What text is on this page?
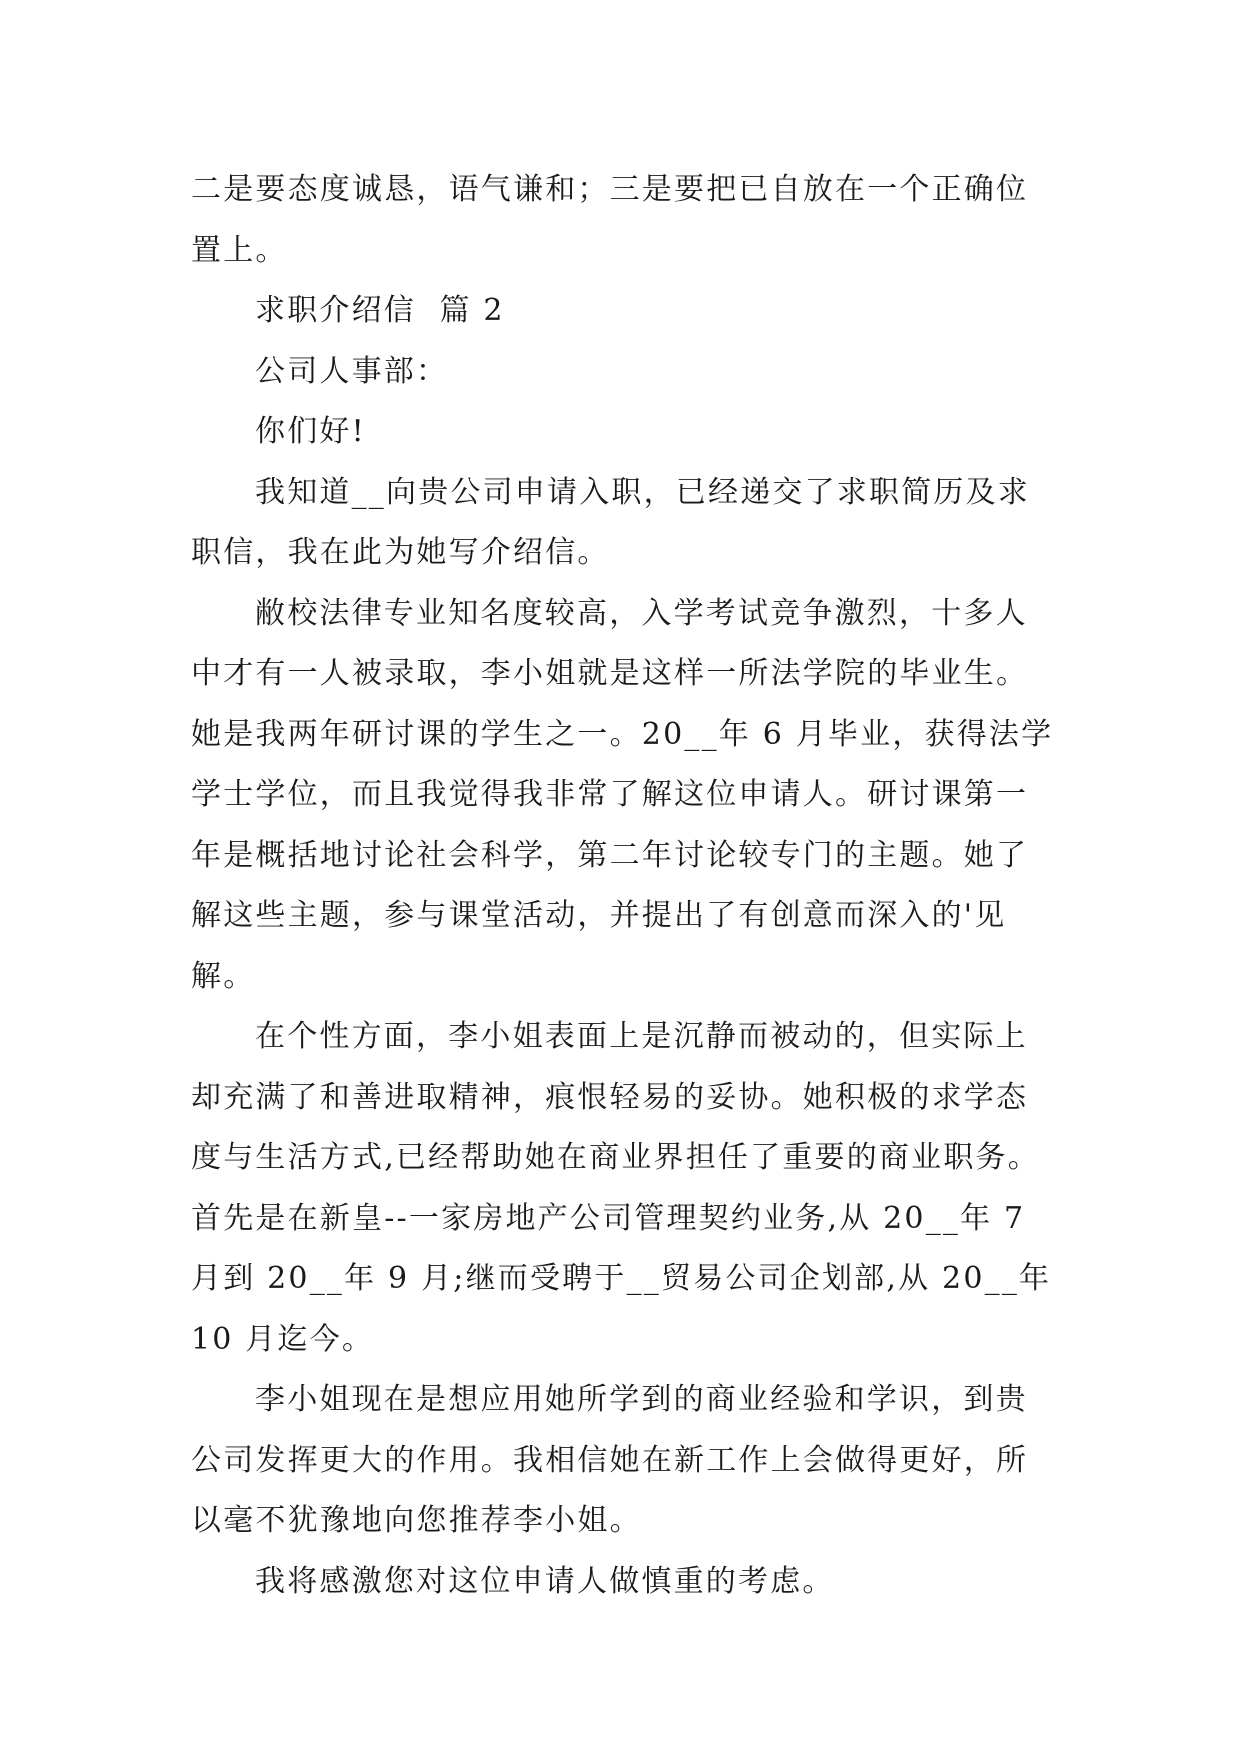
二是要态度诚恳，语气谦和；三是要把已自放在一个正确位
置上。
求职介绍信  篇 2
公司人事部：
你们好!
我知道__向贵公司申请入职，已经递交了求职简历及求
职信，我在此为她写介绍信。
敝校法律专业知名度较高，入学考试竞争激烈，十多人
中才有一人被录取，李小姐就是这样一所法学院的毕业生。
她是我两年研讨课的学生之一。20__年 6 月毕业，获得法学
学士学位，而且我觉得我非常了解这位申请人。研讨课第一
年是概括地讨论社会科学，第二年讨论较专门的主题。她了
解这些主题，参与课堂活动，并提出了有创意而深入的'见
解。
在个性方面，李小姐表面上是沉静而被动的，但实际上
却充满了和善进取精神，痕恨轻易的妥协。她积极的求学态
度与生活方式,已经帮助她在商业界担任了重要的商业职务。
首先是在新皇--一家房地产公司管理契约业务,从 20__年 7
月到 20__年 9 月;继而受聘于__贸易公司企划部,从 20__年
10 月迄今。
李小姐现在是想应用她所学到的商业经验和学识，到贵
公司发挥更大的作用。我相信她在新工作上会做得更好，所
以毫不犹豫地向您推荐李小姐。
我将感激您对这位申请人做慎重的考虑。
